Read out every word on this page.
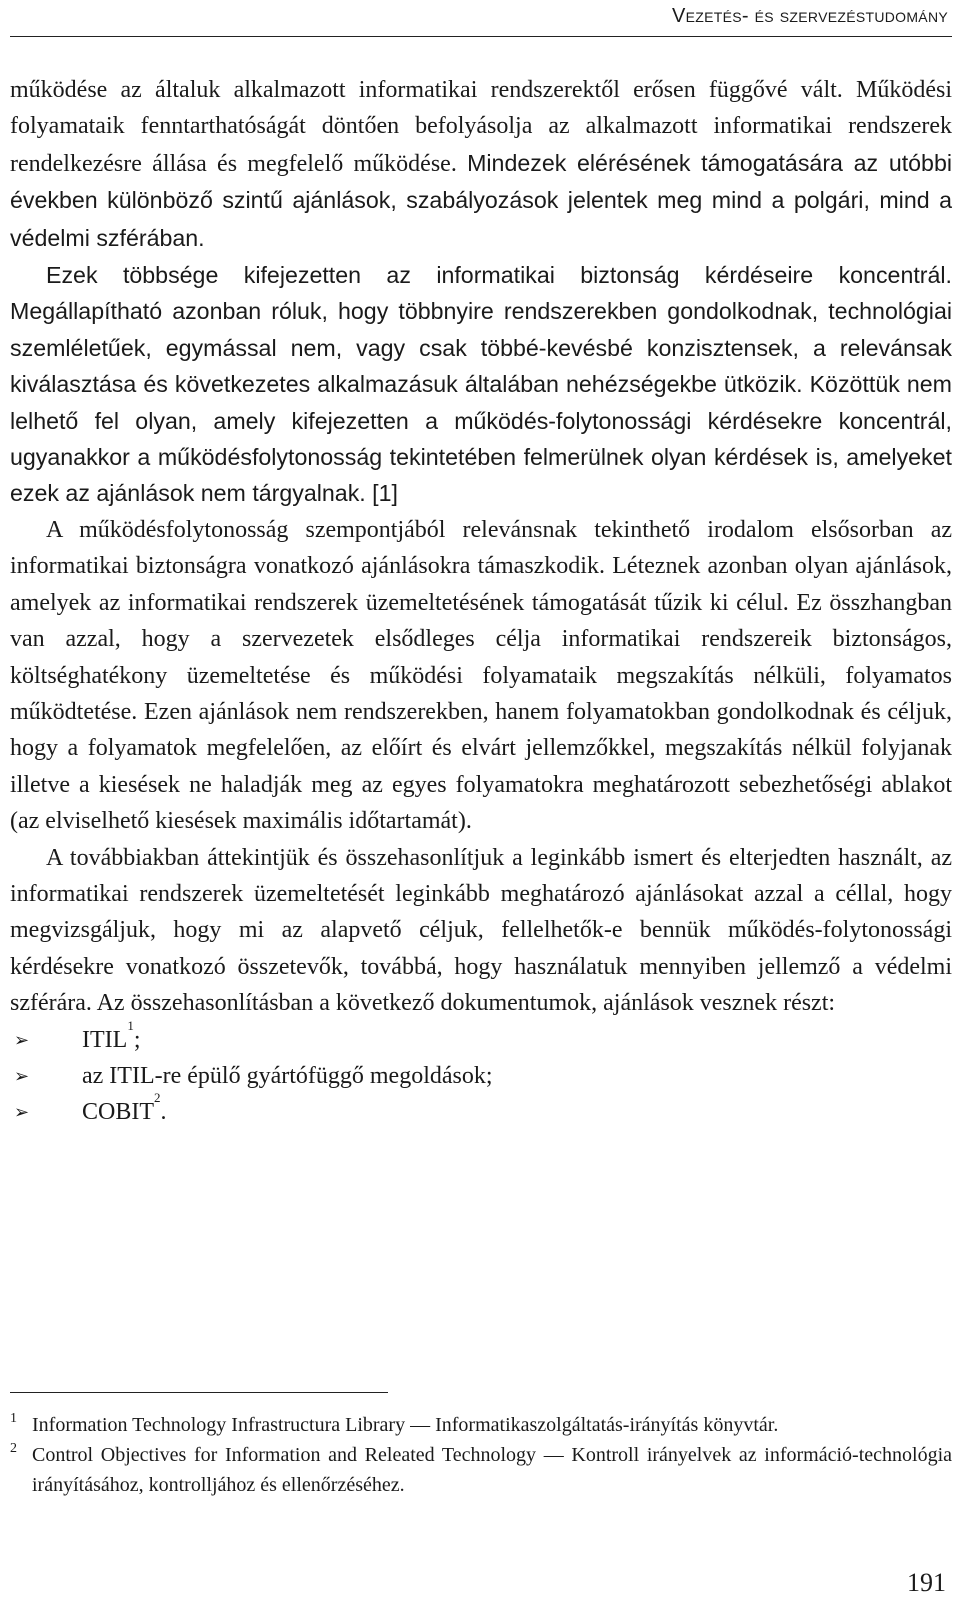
Vezetés- és szervezéstudomány

működése az általuk alkalmazott informatikai rendszerektől erősen függővé vált. Működési folyamataik fenntarthatóságát döntően befolyásolja az alkalmazott informatikai rendszerek rendelkezésre állása és megfelelő működése. Mindezek elérésének támogatására az utóbbi években különböző szintű ajánlások, szabályozások jelentek meg mind a polgári, mind a védelmi szférában.

Ezek többsége kifejezetten az informatikai biztonság kérdéseire koncentrál. Megállapítható azonban róluk, hogy többnyire rendszerekben gondolkodnak, technológiai szemléletűek, egymással nem, vagy csak többé-kevésbé konzisztensek, a relevánsak kiválasztása és következetes alkalmazásuk általában nehézségekbe ütközik. Közöttük nem lelhető fel olyan, amely kifejezetten a működés-folytonossági kérdésekre koncentrál, ugyanakkor a működésfolytonosság tekintetében felmerülnek olyan kérdések is, amelyeket ezek az ajánlások nem tárgyalnak. [1]

A működésfolytonosság szempontjából relevánsnak tekinthető irodalom elsősorban az informatikai biztonságra vonatkozó ajánlásokra támaszkodik. Léteznek azonban olyan ajánlások, amelyek az informatikai rendszerek üzemeltetésének támogatását tűzik ki célul. Ez összhangban van azzal, hogy a szervezetek elsődleges célja informatikai rendszereik biztonságos, költséghatékony üzemeltetése és működési folyamataik megszakítás nélküli, folyamatos működtetése. Ezen ajánlások nem rendszerekben, hanem folyamatokban gondolkodnak és céljuk, hogy a folyamatok megfelelően, az előírt és elvárt jellemzőkkel, megszakítás nélkül folyjanak illetve a kiesések ne haladják meg az egyes folyamatokra meghatározott sebezhetőségi ablakot (az elviselhető kiesések maximális időtartamát).

A továbbiakban áttekintjük és összehasonlítjuk a leginkább ismert és elterjedten használt, az informatikai rendszerek üzemeltetését leginkább meghatározó ajánlásokat azzal a céllal, hogy megvizsgáljuk, hogy mi az alapvető céljuk, fellelhetők-e bennük működés-folytonossági kérdésekre vonatkozó összetevők, továbbá, hogy használatuk mennyiben jellemző a védelmi szférára. Az összehasonlításban a következő dokumentumok, ajánlások vesznek részt:

➢ ITIL$^1$;
➢ az ITIL-re épülő gyártófüggő megoldások;
➢ COBIT$^2$.
1 Information Technology Infrastructura Library — Informatikaszolgáltatás-irányítás könyvtár.
2 Control Objectives for Information and Releated Technology — Kontroll irányelvek az információ-technológia irányításához, kontrolljához és ellenőrzéséhez.
191
